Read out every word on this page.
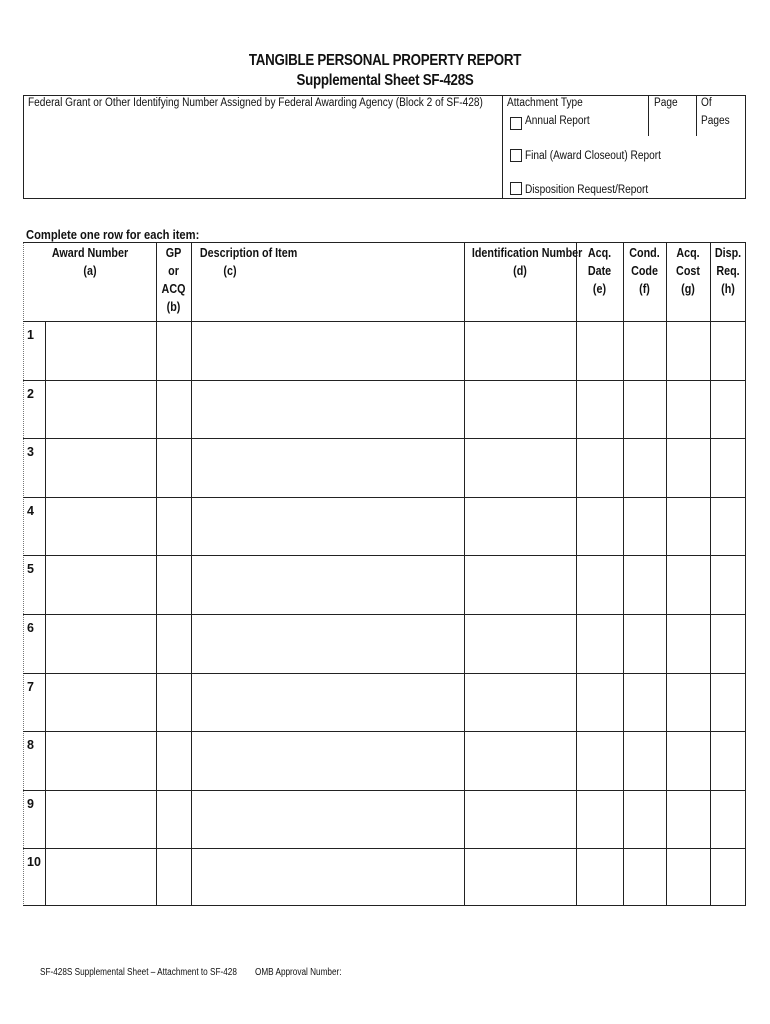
TANGIBLE PERSONAL PROPERTY REPORT
Supplemental Sheet SF-428S
Federal Grant or Other Identifying Number Assigned by Federal Awarding Agency (Block 2 of SF-428) Attachment Type
Annual Report
Final (Award Closeout) Report
Disposition Request/Report
Page Of
Pages
Complete one row for each item:
Award Number
(a)
GP
or
ACQ
(b)
Description of Item
(c)
Identification Number
(d)
Acq.
Date
(e)
Cond.
Code
(f)
Acq.
Cost
(g)
Disp.
Req.
(h)
1
2
3
4
5
6
7
8
9
10
SF-428S Supplemental Sheet – Attachment to SF-428 OMB Approval Number:
